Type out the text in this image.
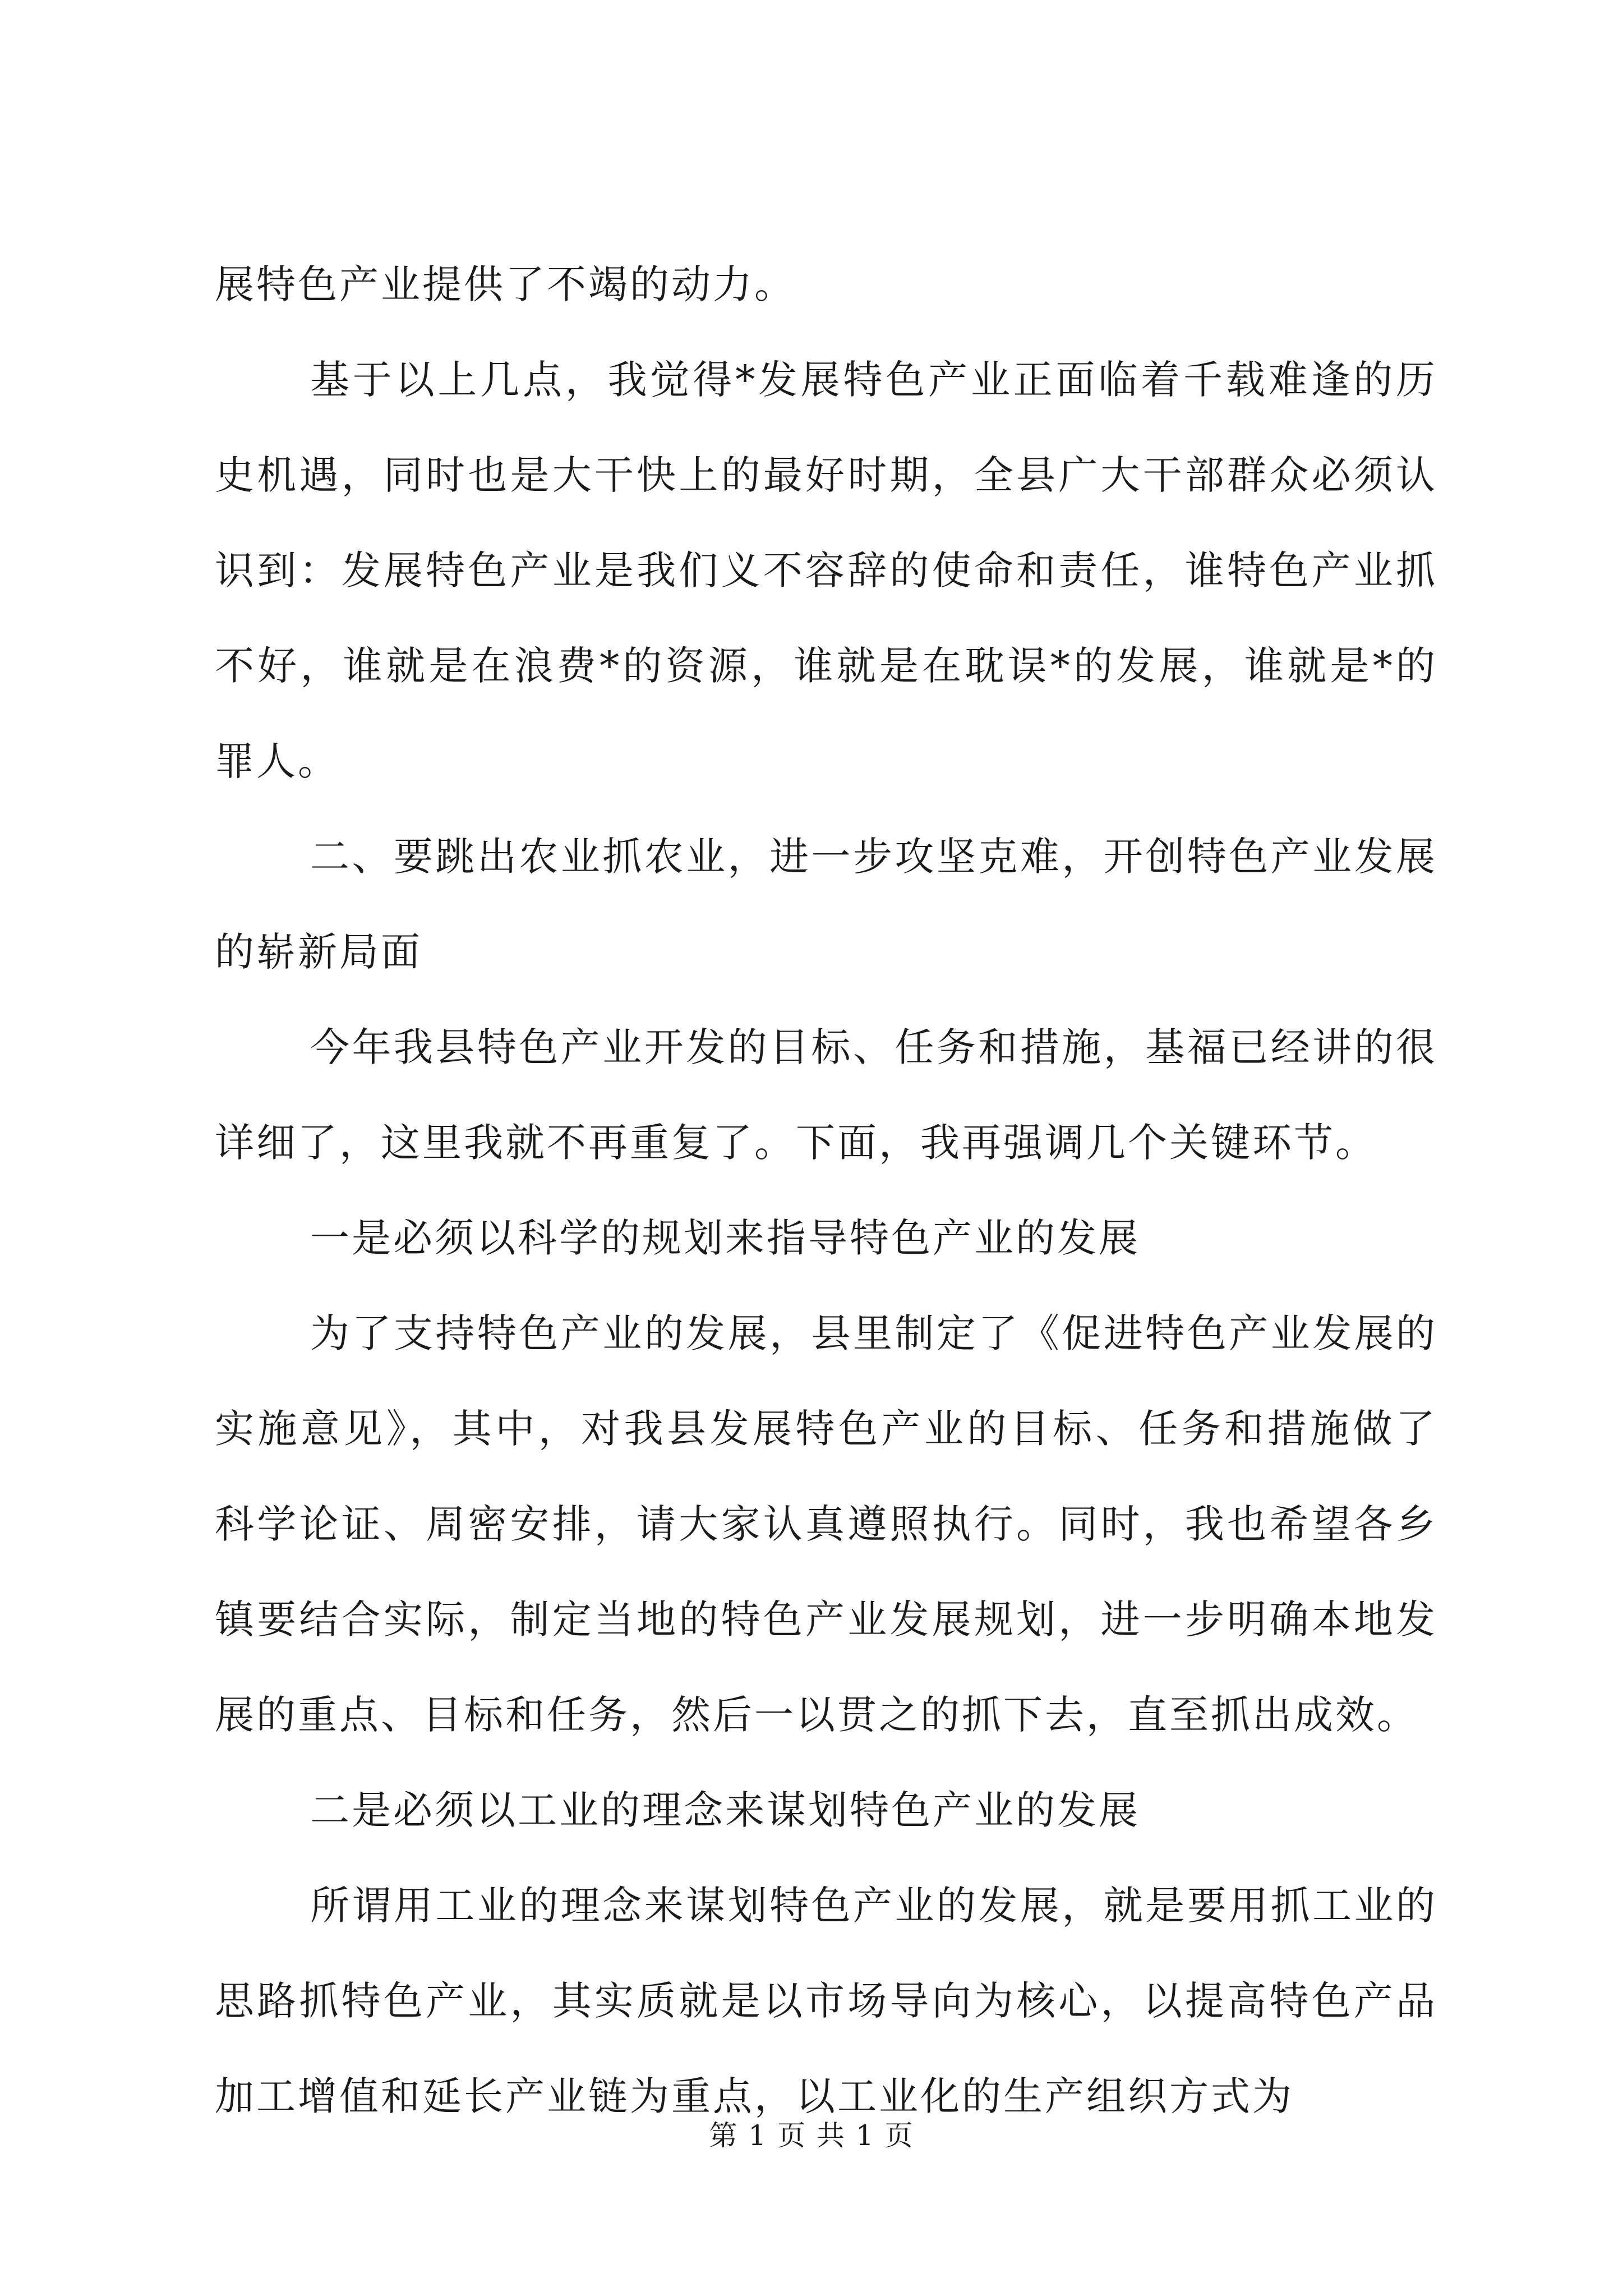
展特色产业提供了不竭的动力。

基于以上几点，我觉得*发展特色产业正面临着千载难逢的历史机遇，同时也是大干快上的最好时期，全县广大干部群众必须认识到：发展特色产业是我们义不容辞的使命和责任，谁特色产业抓不好，谁就是在浪费*的资源，谁就是在耽误*的发展，谁就是*的罪人。

二、要跳出农业抓农业，进一步攻坚克难，开创特色产业发展的崭新局面

今年我县特色产业开发的目标、任务和措施，基福已经讲的很详细了，这里我就不再重复了。下面，我再强调几个关键环节。

一是必须以科学的规划来指导特色产业的发展

为了支持特色产业的发展，县里制定了《促进特色产业发展的实施意见》，其中，对我县发展特色产业的目标、任务和措施做了科学论证、周密安排，请大家认真遵照执行。同时，我也希望各乡镇要结合实际，制定当地的特色产业发展规划，进一步明确本地发展的重点、目标和任务，然后一以贯之的抓下去，直至抓出成效。

二是必须以工业的理念来谋划特色产业的发展

所谓用工业的理念来谋划特色产业的发展，就是要用抓工业的思路抓特色产业，其实质就是以市场导向为核心，以提高特色产品加工增值和延长产业链为重点，以工业化的生产组织方式为

第 1 页 共 1 页
